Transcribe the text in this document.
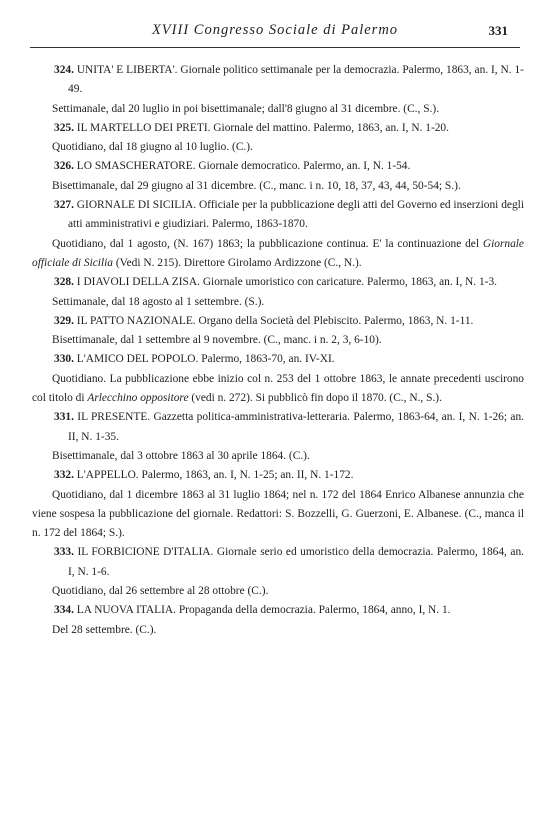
XVIII Congresso Sociale di Palermo	331

324. UNITA' E LIBERTA'. Giornale politico settimanale per la democrazia. Palermo, 1863, an. I, N. 1-49.

Settimanale, dal 20 luglio in poi bisettimanale; dall'8 giugno al 31 dicembre. (C., S.).

325. IL MARTELLO DEI PRETI. Giornale del mattino. Palermo, 1863, an. I, N. 1-20.

Quotidiano, dal 18 giugno al 10 luglio. (C.).

326. LO SMASCHERATORE. Giornale democratico. Palermo, an. I, N. 1-54.

Bisettimanale, dal 29 giugno al 31 dicembre. (C., manc. i n. 10, 18, 37, 43, 44, 50-54; S.).

327. GIORNALE DI SICILIA. Officiale per la pubblicazione degli atti del Governo ed inserzioni degli atti amministrativi e giudiziari. Palermo, 1863-1870.

Quotidiano, dal 1 agosto, (N. 167) 1863; la pubblicazione continua. E' la continuazione del Giornale officiale di Sicilia (Vedi N. 215). Direttore Girolamo Ardizzone (C., N.).

328. I DIAVOLI DELLA ZISA. Giornale umoristico con caricature. Palermo, 1863, an. I, N. 1-3.

Settimanale, dal 18 agosto al 1 settembre. (S.).

329. IL PATTO NAZIONALE. Organo della Società del Plebiscito. Palermo, 1863, N. 1-11.

Bisettimanale, dal 1 settembre al 9 novembre. (C., manc. i n. 2, 3, 6-10).

330. L'AMICO DEL POPOLO. Palermo, 1863-70, an. IV-XI.

Quotidiano. La pubblicazione ebbe inizio col n. 253 del 1 ottobre 1863, le annate precedenti uscirono col titolo di Arlecchino oppositore (vedi n. 272). Si pubblicò fin dopo il 1870. (C., N., S.).

331. IL PRESENTE. Gazzetta politica-amministrativa-letteraria. Palermo, 1863-64, an. I, N. 1-26; an. II, N. 1-35.

Bisettimanale, dal 3 ottobre 1863 al 30 aprile 1864. (C.).

332. L'APPELLO. Palermo, 1863, an. I, N. 1-25; an. II, N. 1-172.

Quotidiano, dal 1 dicembre 1863 al 31 luglio 1864; nel n. 172 del 1864 Enrico Albanese annunzia che viene sospesa la pubblicazione del giornale. Redattori: S. Bozzelli, G. Guerzoni, E. Albanese. (C., manca il n. 172 del 1864; S.).

333. IL FORBICIONE D'ITALIA. Giornale serio ed umoristico della democrazia. Palermo, 1864, an. I, N. 1-6.

Quotidiano, dal 26 settembre al 28 ottobre (C.).

334. LA NUOVA ITALIA. Propaganda della democrazia. Palermo, 1864, anno, I, N. 1.

Del 28 settembre. (C.).
